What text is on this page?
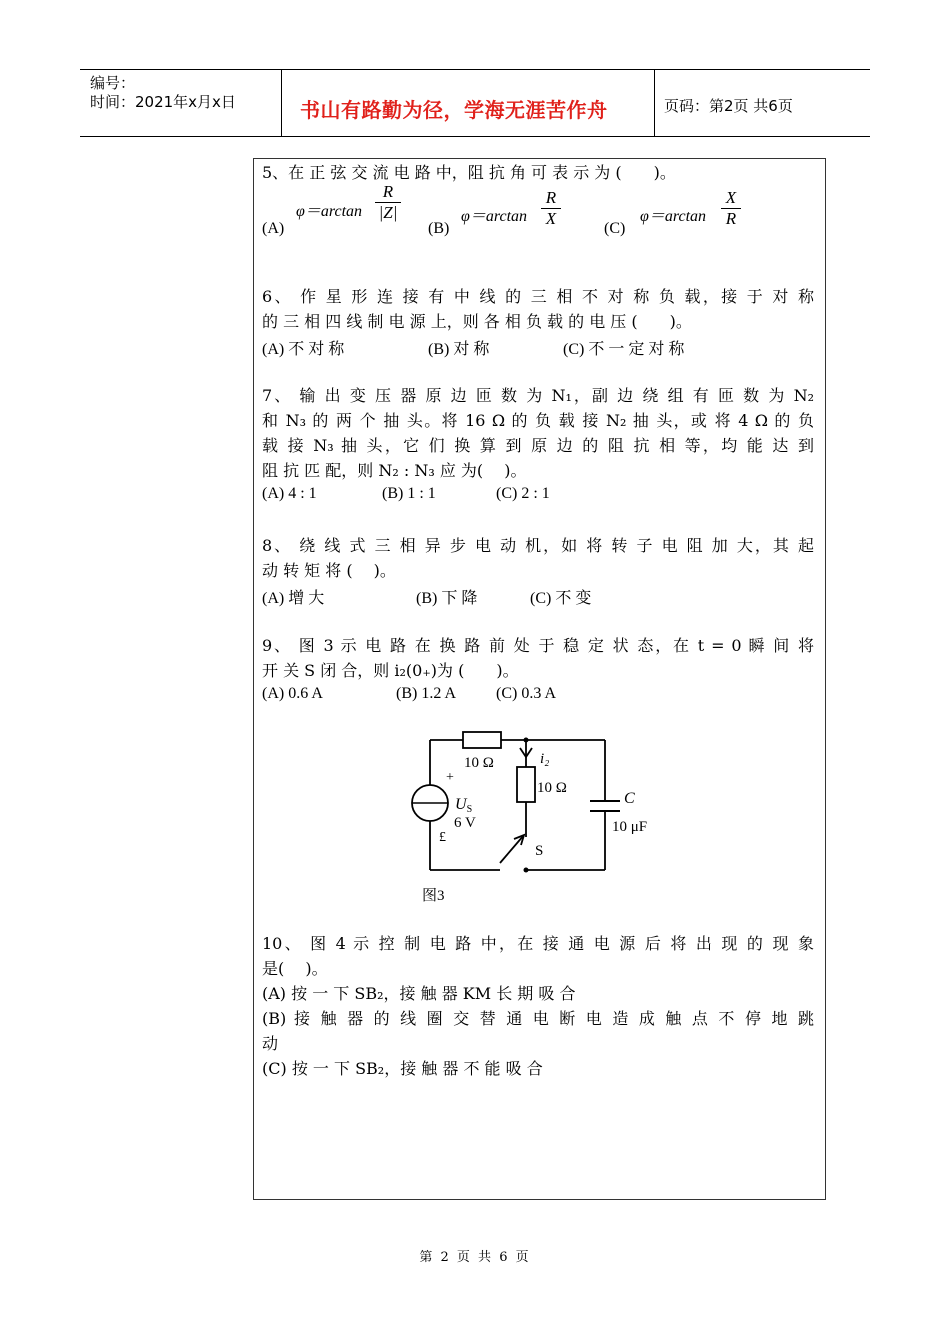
编号：
时间：2021年x月x日	书山有路勤为径，学海无涯苦作舟	页码：第2页 共6页
5、在 正 弦 交 流 电 路 中，阻 抗 角 可 表 示 为 (　　)。
(A)
φ＝arctan
R
|Z|
(B)
φ＝arctan
R
X
(C)
φ＝arctan
X
R
6、 作 星 形 连 接 有 中 线 的 三 相 不 对 称 负 载，接 于 对 称
的 三 相 四 线 制 电 源 上，则 各 相 负 载 的 电 压 (　　)。
(A) 不 对 称	(B) 对 称	(C) 不 一 定 对 称
7、 输 出 变 压 器 原 边 匝 数 为 N₁，副 边 绕 组 有 匝 数 为 N₂
和 N₃ 的 两 个 抽 头。将 16 Ω 的 负 载 接 N₂ 抽 头，或 将 4 Ω 的 负
载 接 N₃ 抽 头，它 们 换 算 到 原 边 的 阻 抗 相 等，均 能 达 到
阻 抗 匹 配，则 N₂ : N₃ 应 为(　 )。
(A) 4 : 1	(B) 1 : 1	(C) 2 : 1
8、 绕 线 式 三 相 异 步 电 动 机，如 将 转 子 电 阻 加 大，其 起
动 转 矩 将 (　 )。
(A) 增 大	(B) 下 降	(C) 不 变
9、 图 3 示 电 路 在 换 路 前 处 于 稳 定 状 态，在 t = 0 瞬 间 将
开 关 S 闭 合，则 i₂(0₊)为 (　　)。
(A) 0.6 A	(B) 1.2 A	(C) 0.3 A
10 Ω	i₂
10 Ω
+
US
6 V
£
C
10 μF
S
图3
10、 图 4 示 控 制 电 路 中，在 接 通 电 源 后 将 出 现 的 现 象
是(　 )。
(A) 按 一 下 SB₂，接 触 器 KM 长 期 吸 合
(B) 接 触 器 的 线 圈 交 替 通 电 断 电 造 成 触 点 不 停 地 跳
动
(C) 按 一 下 SB₂，接 触 器 不 能 吸 合
第 2 页 共 6 页
